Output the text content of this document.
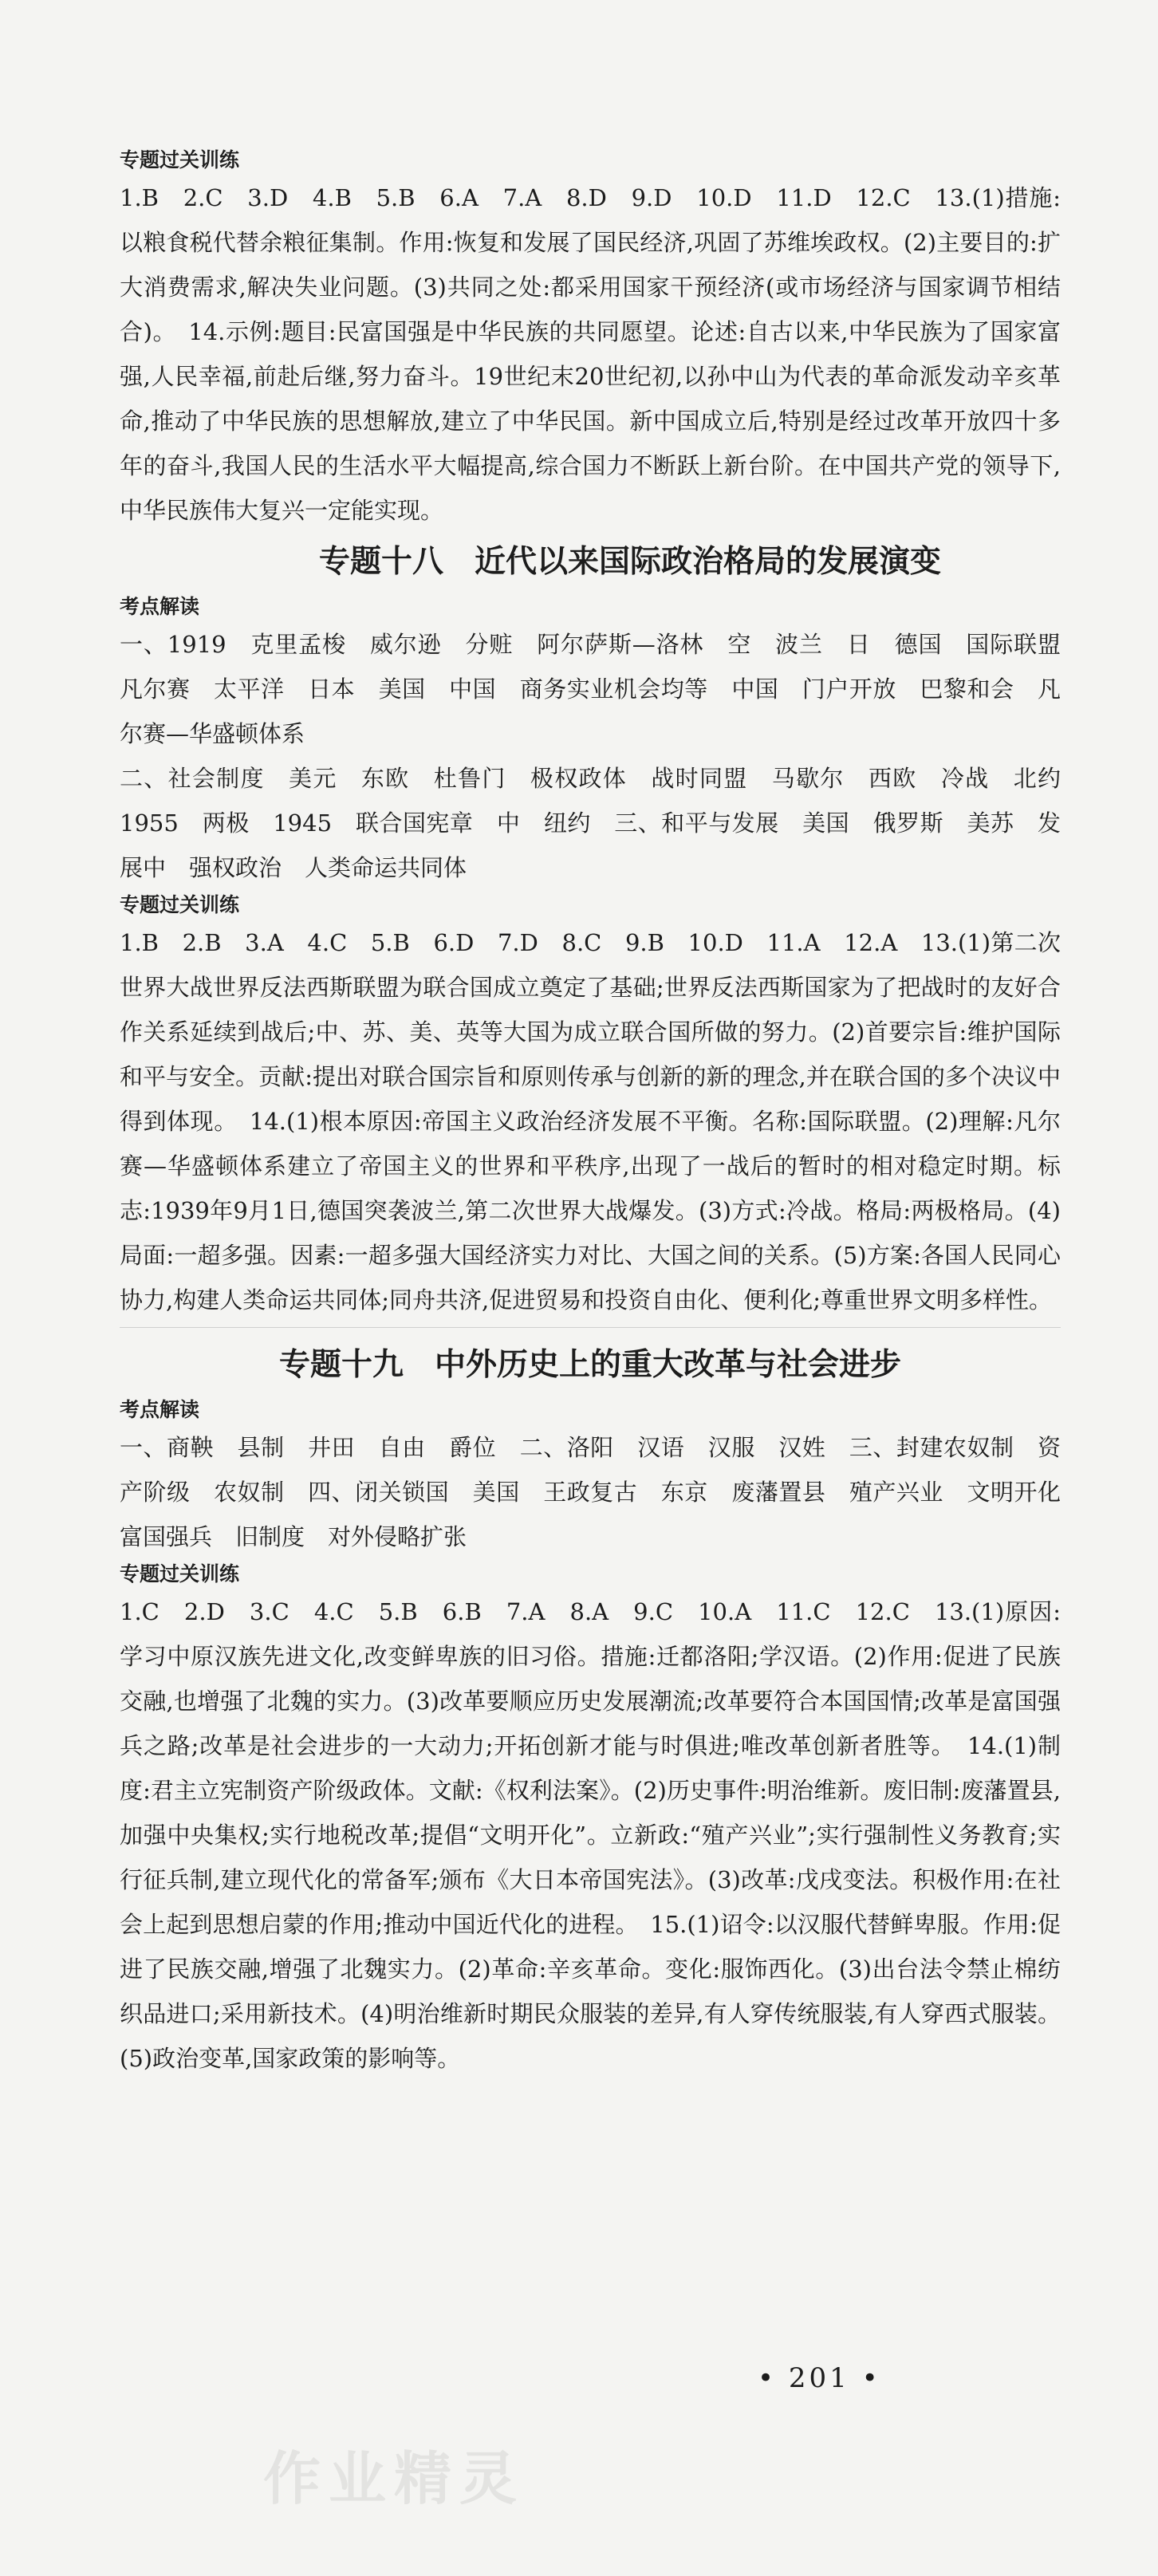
专题过关训练

1.B　2.C　3.D　4.B　5.B　6.A　7.A　8.D　9.D　10.D　11.D　12.C　13.(1)措施:以粮食税代替余粮征集制。作用:恢复和发展了国民经济,巩固了苏维埃政权。(2)主要目的:扩大消费需求,解决失业问题。(3)共同之处:都采用国家干预经济(或市场经济与国家调节相结合)。　14.示例:题目:民富国强是中华民族的共同愿望。论述:自古以来,中华民族为了国家富强,人民幸福,前赴后继,努力奋斗。19世纪末20世纪初,以孙中山为代表的革命派发动辛亥革命,推动了中华民族的思想解放,建立了中华民国。新中国成立后,特别是经过改革开放四十多年的奋斗,我国人民的生活水平大幅提高,综合国力不断跃上新台阶。在中国共产党的领导下,中华民族伟大复兴一定能实现。

专题十八　近代以来国际政治格局的发展演变

考点解读

一、1919　克里孟梭　威尔逊　分赃　阿尔萨斯—洛林　空　波兰　日　德国　国际联盟　凡尔赛　太平洋　日本　美国　中国　商务实业机会均等　中国　门户开放　巴黎和会　凡尔赛—华盛顿体系

二、社会制度　美元　东欧　杜鲁门　极权政体　战时同盟　马歇尔　西欧　冷战　北约　1955　两极　1945　联合国宪章　中　纽约　三、和平与发展　美国　俄罗斯　美苏　发展中　强权政治　人类命运共同体

专题过关训练

1.B　2.B　3.A　4.C　5.B　6.D　7.D　8.C　9.B　10.D　11.A　12.A　13.(1)第二次世界大战世界反法西斯联盟为联合国成立奠定了基础;世界反法西斯国家为了把战时的友好合作关系延续到战后;中、苏、美、英等大国为成立联合国所做的努力。(2)首要宗旨:维护国际和平与安全。贡献:提出对联合国宗旨和原则传承与创新的新的理念,并在联合国的多个决议中得到体现。　14.(1)根本原因:帝国主义政治经济发展不平衡。名称:国际联盟。(2)理解:凡尔赛—华盛顿体系建立了帝国主义的世界和平秩序,出现了一战后的暂时的相对稳定时期。标志:1939年9月1日,德国突袭波兰,第二次世界大战爆发。(3)方式:冷战。格局:两极格局。(4)局面:一超多强。因素:一超多强大国经济实力对比、大国之间的关系。(5)方案:各国人民同心协力,构建人类命运共同体;同舟共济,促进贸易和投资自由化、便利化;尊重世界文明多样性。

专题十九　中外历史上的重大改革与社会进步

考点解读

一、商鞅　县制　井田　自由　爵位　二、洛阳　汉语　汉服　汉姓　三、封建农奴制　资产阶级　农奴制　四、闭关锁国　美国　王政复古　东京　废藩置县　殖产兴业　文明开化　富国强兵　旧制度　对外侵略扩张

专题过关训练

1.C　2.D　3.C　4.C　5.B　6.B　7.A　8.A　9.C　10.A　11.C　12.C　13.(1)原因:学习中原汉族先进文化,改变鲜卑族的旧习俗。措施:迁都洛阳;学汉语。(2)作用:促进了民族交融,也增强了北魏的实力。(3)改革要顺应历史发展潮流;改革要符合本国国情;改革是富国强兵之路;改革是社会进步的一大动力;开拓创新才能与时俱进;唯改革创新者胜等。　14.(1)制度:君主立宪制资产阶级政体。文献:《权利法案》。(2)历史事件:明治维新。废旧制:废藩置县,加强中央集权;实行地税改革;提倡“文明开化”。立新政:“殖产兴业”;实行强制性义务教育;实行征兵制,建立现代化的常备军;颁布《大日本帝国宪法》。(3)改革:戊戌变法。积极作用:在社会上起到思想启蒙的作用;推动中国近代化的进程。　15.(1)诏令:以汉服代替鲜卑服。作用:促进了民族交融,增强了北魏实力。(2)革命:辛亥革命。变化:服饰西化。(3)出台法令禁止棉纺织品进口;采用新技术。(4)明治维新时期民众服装的差异,有人穿传统服装,有人穿西式服装。(5)政治变革,国家政策的影响等。

• 201 •
作业精灵
